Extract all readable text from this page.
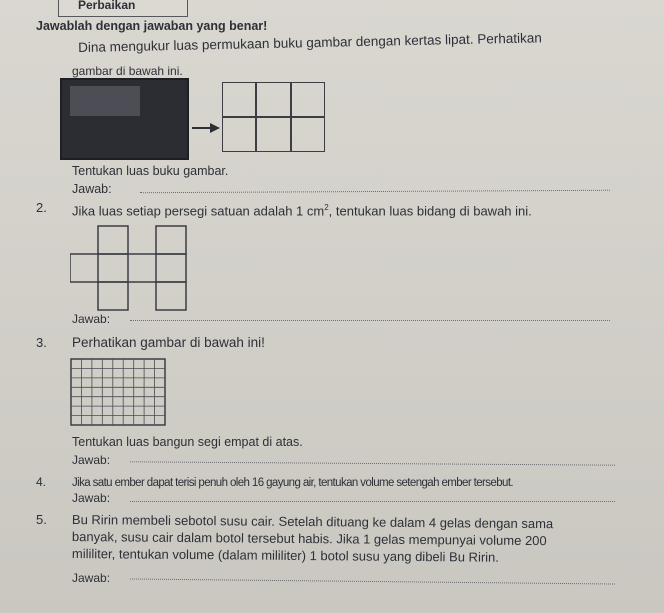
Perbaikan
Jawablah dengan jawaban yang benar!
Dina mengukur luas permukaan buku gambar dengan kertas lipat. Perhatikan
gambar di bawah ini.
Tentukan luas buku gambar.
Jawab:
2. Jika luas setiap persegi satuan adalah 1 $cm^2$, tentukan luas bidang di bawah ini.
Jawab:
3. Perhatikan gambar di bawah ini!
Tentukan luas bangun segi empat di atas.
Jawab:
4. Jika satu ember dapat terisi penuh oleh 16 gayung air, tentukan volume setengah ember tersebut.
Jawab:
5. Bu Ririn membeli sebotol susu cair. Setelah dituang ke dalam 4 gelas dengan sama
banyak, susu cair dalam botol tersebut habis. Jika 1 gelas mempunyai volume 200
mililiter, tentukan volume (dalam mililiter) 1 botol susu yang dibeli Bu Ririn.
Jawab:
